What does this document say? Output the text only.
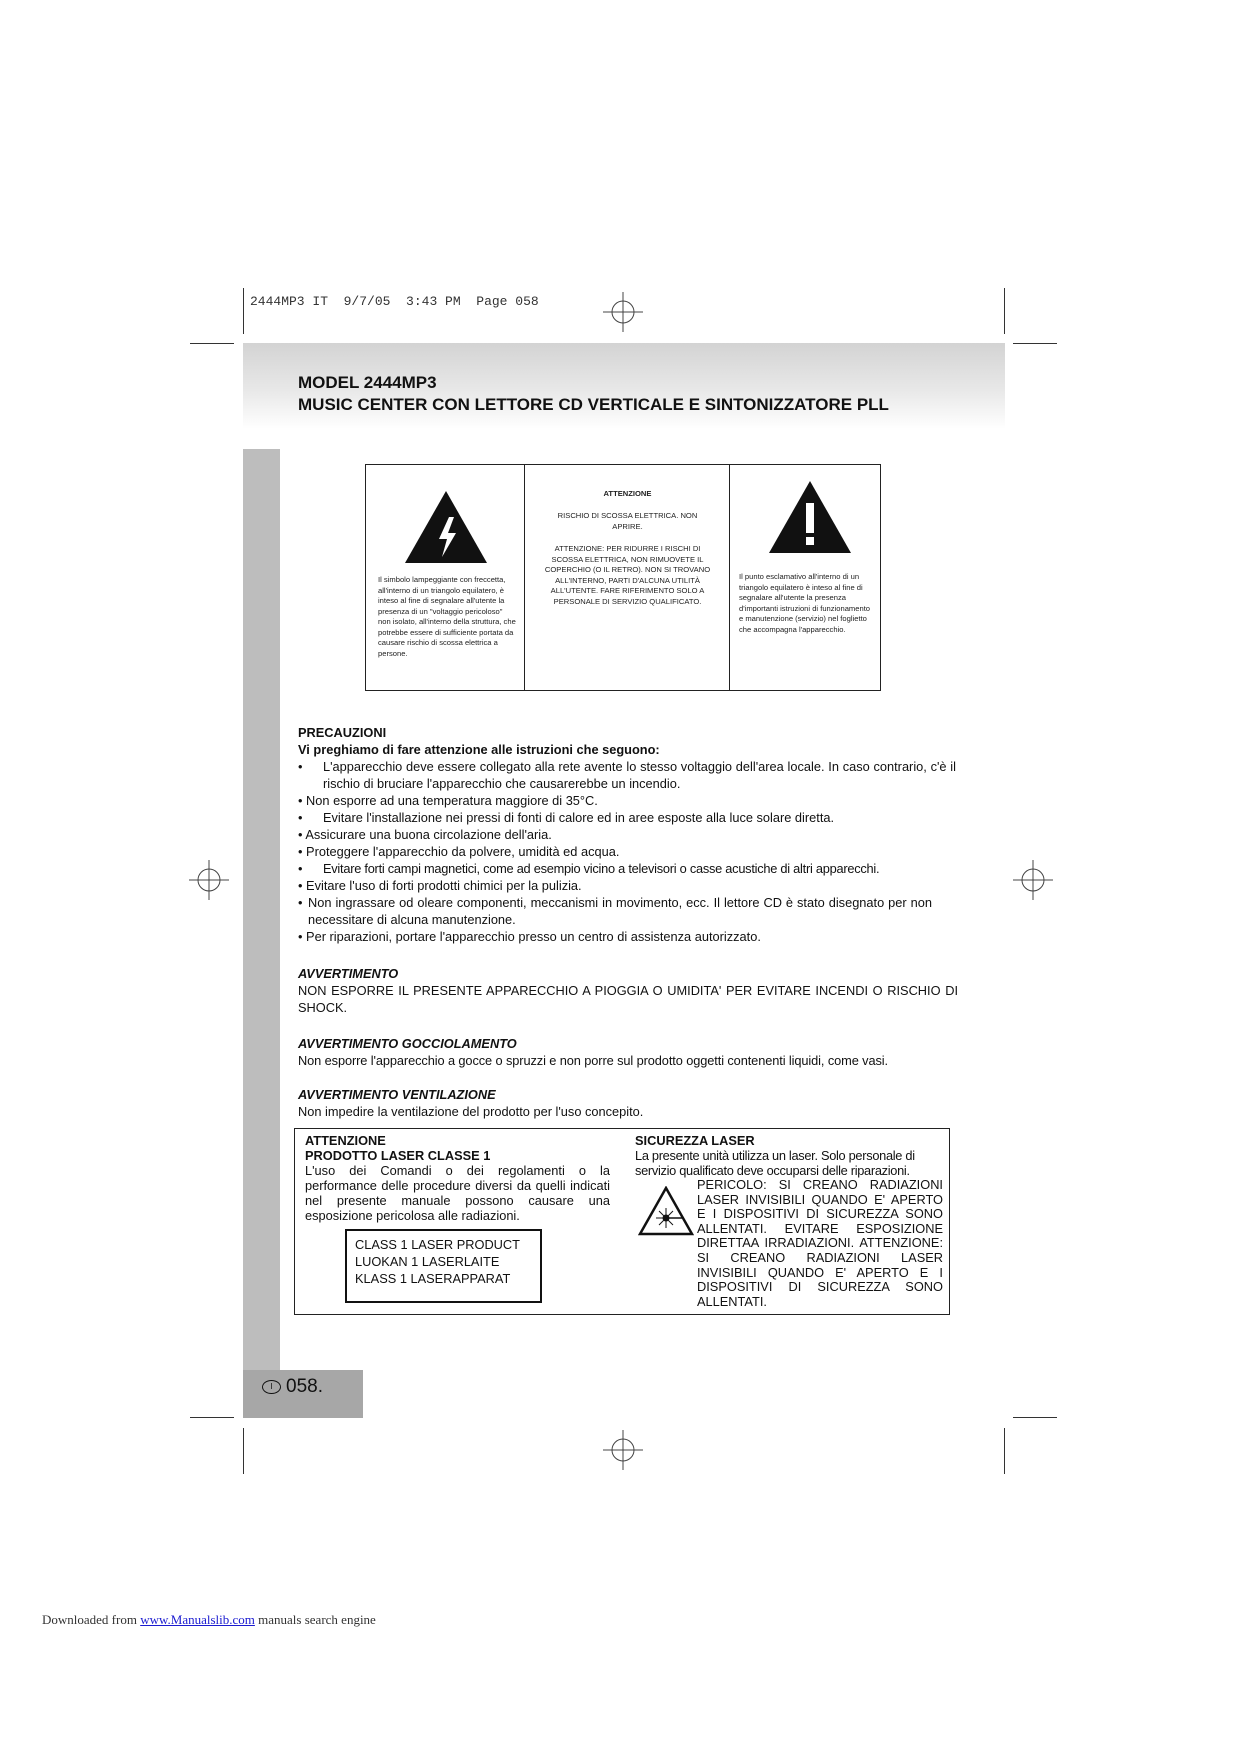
2444MP3 IT 9/7/05 3:43 PM Page 058
MODEL 2444MP3
MUSIC CENTER CON LETTORE CD VERTICALE E SINTONIZZATORE PLL
Il simbolo lampeggiante con freccetta, all'interno di un triangolo equilatero, è inteso al fine di segnalare all'utente la presenza di un "voltaggio pericoloso" non isolato, all'interno della struttura, che potrebbe essere di sufficiente portata da causare rischio di scossa elettrica a persone.
ATTENZIONE
RISCHIO DI SCOSSA ELETTRICA. NON APRIRE.
ATTENZIONE: PER RIDURRE I RISCHI DI SCOSSA ELETTRICA, NON RIMUOVETE IL COPERCHIO (O IL RETRO). NON SI TROVANO ALL'INTERNO, PARTI D'ALCUNA UTILITÀ ALL'UTENTE. FARE RIFERIMENTO SOLO A PERSONALE DI SERVIZIO QUALIFICATO.
Il punto esclamativo all'interno di un triangolo equilatero è inteso al fine di segnalare all'utente la presenza d'importanti istruzioni di funzionamento e manutenzione (servizio) nel foglietto che accompagna l'apparecchio.
PRECAUZIONI
Vi preghiamo di fare attenzione alle istruzioni che seguono:
•	L'apparecchio deve essere collegato alla rete avente lo stesso voltaggio dell'area locale. In caso contrario, c'è il rischio di bruciare l'apparecchio che causarerebbe un incendio.
• Non esporre ad una temperatura maggiore di 35°C.
•	Evitare l'installazione nei pressi di fonti di calore ed in aree esposte alla luce solare diretta.
• Assicurare una buona circolazione dell'aria.
• Proteggere l'apparecchio da polvere, umidità ed acqua.
•	Evitare forti campi magnetici, come ad esempio vicino a televisori o casse acustiche di altri apparecchi.
• Evitare l'uso di forti prodotti chimici per la pulizia.
• Non ingrassare od oleare componenti, meccanismi in movimento, ecc. Il lettore CD è stato disegnato per non necessitare di alcuna manutenzione.
• Per riparazioni, portare l'apparecchio presso un centro di assistenza autorizzato.
AVVERTIMENTO
NON ESPORRE IL PRESENTE APPARECCHIO A PIOGGIA O UMIDITA' PER EVITARE INCENDI O RISCHIO DI SHOCK.
AVVERTIMENTO GOCCIOLAMENTO
Non esporre l'apparecchio a gocce o spruzzi e non porre sul prodotto oggetti contenenti liquidi, come vasi.
AVVERTIMENTO VENTILAZIONE
Non impedire la ventilazione del prodotto per l'uso concepito.
ATTENZIONE
PRODOTTO LASER CLASSE 1
L'uso dei Comandi o dei regolamenti o la performance delle procedure diversi da quelli indicati nel presente manuale possono causare una esposizione pericolosa alle radiazioni.
CLASS 1 LASER PRODUCT
LUOKAN 1 LASERLAITE
KLASS 1 LASERAPPARAT
SICUREZZA LASER
La presente unità utilizza un laser. Solo personale di servizio qualificato deve occuparsi delle riparazioni.
PERICOLO: SI CREANO RADIAZIONI LASER INVISIBILI QUANDO E' APERTO E I DISPOSITIVI DI SICUREZZA SONO ALLENTATI. EVITARE ESPOSIZIONE DIRETTAA IRRADIAZIONI. ATTENZIONE: SI CREANO RADIAZIONI LASER INVISIBILI QUANDO E' APERTO E I DISPOSITIVI DI SICUREZZA SONO ALLENTATI.
I 058.
Downloaded from www.Manualslib.com manuals search engine
